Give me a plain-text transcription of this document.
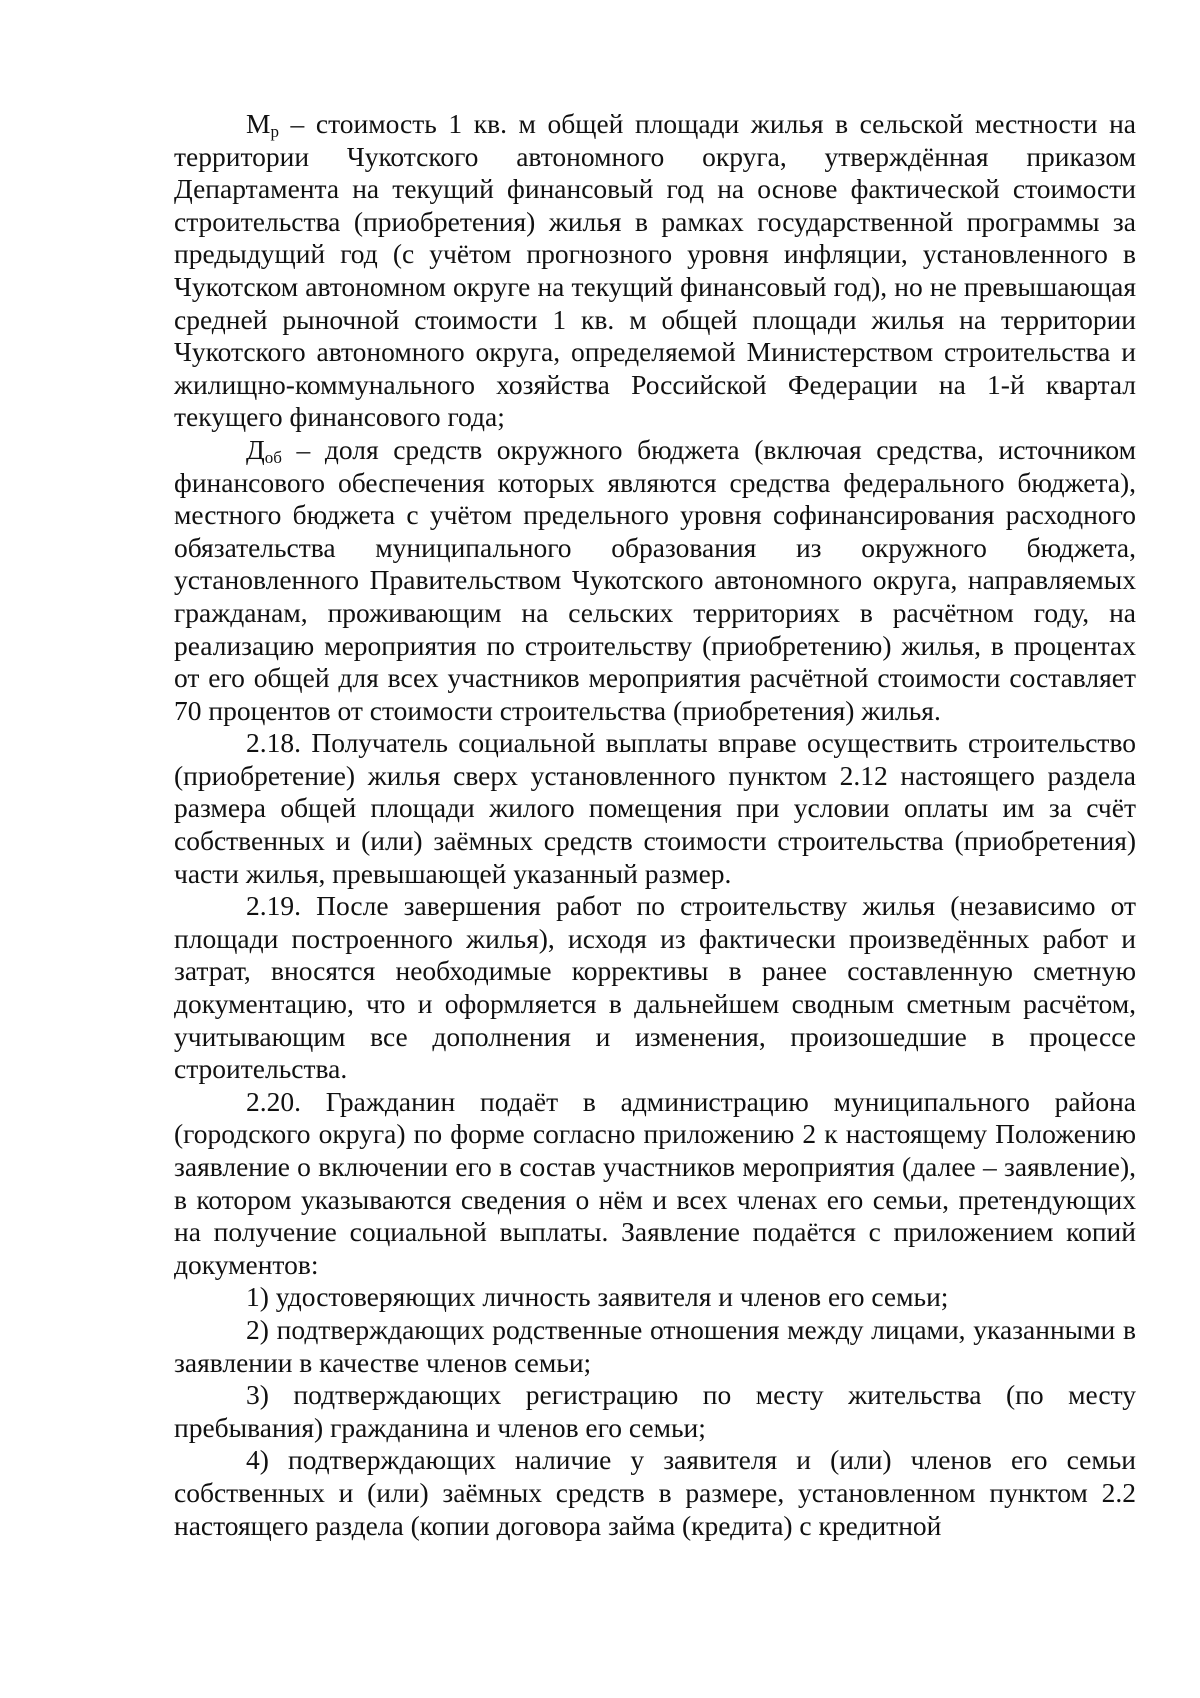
$М_р$ – стоимость 1 кв. м общей площади жилья в сельской местности на территории Чукотского автономного округа, утверждённая приказом Департамента на текущий финансовый год на основе фактической стоимости строительства (приобретения) жилья в рамках государственной программы за предыдущий год (с учётом прогнозного уровня инфляции, установленного в Чукотском автономном округе на текущий финансовый год), но не превышающая средней рыночной стоимости 1 кв. м общей площади жилья на территории Чукотского автономного округа, определяемой Министерством строительства и жилищно-коммунального хозяйства Российской Федерации на 1-й квартал текущего финансового года;

$Д_{об}$ – доля средств окружного бюджета (включая средства, источником финансового обеспечения которых являются средства федерального бюджета), местного бюджета с учётом предельного уровня софинансирования расходного обязательства муниципального образования из окружного бюджета, установленного Правительством Чукотского автономного округа, направляемых гражданам, проживающим на сельских территориях в расчётном году, на реализацию мероприятия по строительству (приобретению) жилья, в процентах от его общей для всех участников мероприятия расчётной стоимости составляет 70 процентов от стоимости строительства (приобретения) жилья.

2.18. Получатель социальной выплаты вправе осуществить строительство (приобретение) жилья сверх установленного пунктом 2.12 настоящего раздела размера общей площади жилого помещения при условии оплаты им за счёт собственных и (или) заёмных средств стоимости строительства (приобретения) части жилья, превышающей указанный размер.

2.19. После завершения работ по строительству жилья (независимо от площади построенного жилья), исходя из фактически произведённых работ и затрат, вносятся необходимые коррективы в ранее составленную сметную документацию, что и оформляется в дальнейшем сводным сметным расчётом, учитывающим все дополнения и изменения, произошедшие в процессе строительства.

2.20. Гражданин подаёт в администрацию муниципального района (городского округа) по форме согласно приложению 2 к настоящему Положению заявление о включении его в состав участников мероприятия (далее – заявление), в котором указываются сведения о нём и всех членах его семьи, претендующих на получение социальной выплаты. Заявление подаётся с приложением копий документов:

1) удостоверяющих личность заявителя и членов его семьи;

2) подтверждающих родственные отношения между лицами, указанными в заявлении в качестве членов семьи;

3) подтверждающих регистрацию по месту жительства (по месту пребывания) гражданина и членов его семьи;

4) подтверждающих наличие у заявителя и (или) членов его семьи собственных и (или) заёмных средств в размере, установленном пунктом 2.2 настоящего раздела (копии договора займа (кредита) с кредитной
